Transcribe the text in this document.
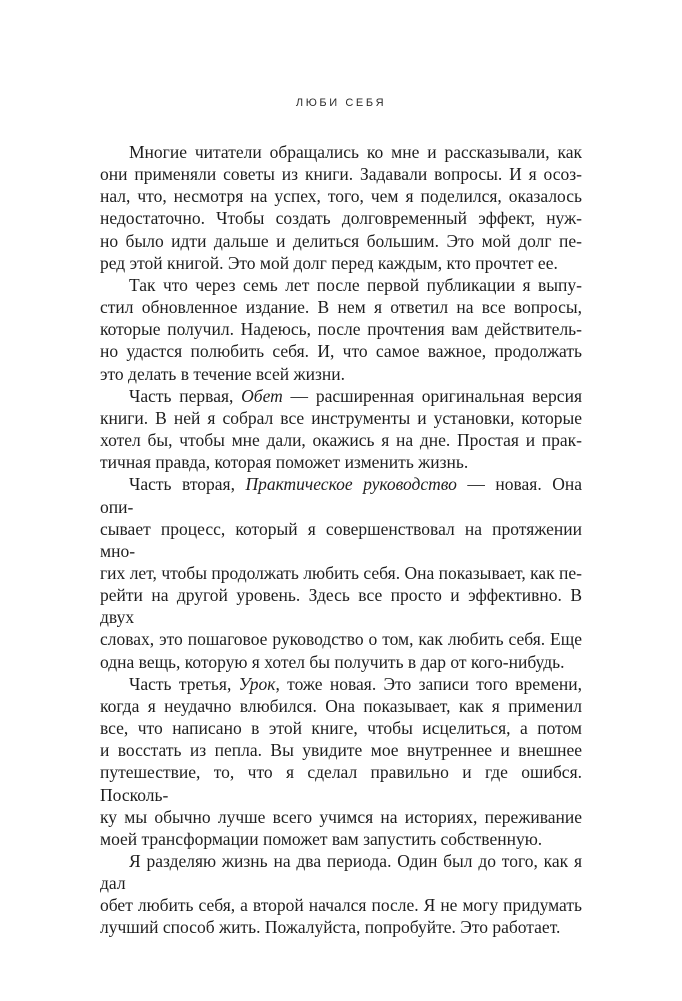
ЛЮБИ СЕБЯ

Многие читатели обращались ко мне и рассказывали, как
они применяли советы из книги. Задавали вопросы. И я осоз-
нал, что, несмотря на успех, того, чем я поделился, оказалось
недостаточно. Чтобы создать долговременный эффект, нуж-
но было идти дальше и делиться большим. Это мой долг пе-
ред этой книгой. Это мой долг перед каждым, кто прочтет ее.

Так что через семь лет после первой публикации я выпу-
стил обновленное издание. В нем я ответил на все вопросы,
которые получил. Надеюсь, после прочтения вам действитель-
но удастся полюбить себя. И, что самое важное, продолжать
это делать в течение всей жизни.

Часть первая, Обет — расширенная оригинальная версия
книги. В ней я собрал все инструменты и установки, которые
хотел бы, чтобы мне дали, окажись я на дне. Простая и прак-
тичная правда, которая поможет изменить жизнь.

Часть вторая, Практическое руководство — новая. Она опи-
сывает процесс, который я совершенствовал на протяжении мно-
гих лет, чтобы продолжать любить себя. Она показывает, как пе-
рейти на другой уровень. Здесь все просто и эффективно. В двух
словах, это пошаговое руководство о том, как любить себя. Еще
одна вещь, которую я хотел бы получить в дар от кого-нибудь.

Часть третья, Урок, тоже новая. Это записи того времени,
когда я неудачно влюбился. Она показывает, как я применил
все, что написано в этой книге, чтобы исцелиться, а потом
и восстать из пепла. Вы увидите мое внутреннее и внешнее
путешествие, то, что я сделал правильно и где ошибся. Посколь-
ку мы обычно лучше всего учимся на историях, переживание
моей трансформации поможет вам запустить собственную.

Я разделяю жизнь на два периода. Один был до того, как я дал
обет любить себя, а второй начался после. Я не могу придумать
лучший способ жить. Пожалуйста, попробуйте. Это работает.
